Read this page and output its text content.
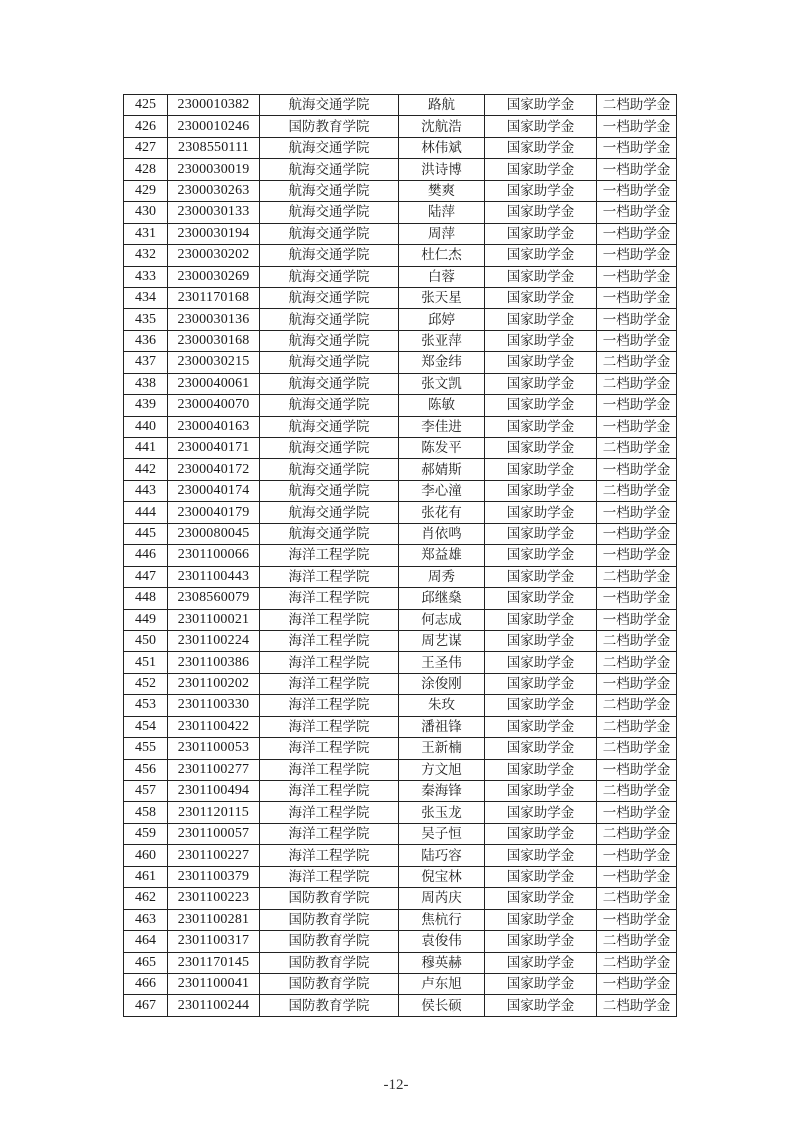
425	2300010382	航海交通学院	路航	国家助学金	二档助学金
426	2300010246	国防教育学院	沈航浩	国家助学金	一档助学金
427	2308550111	航海交通学院	林伟斌	国家助学金	一档助学金
428	2300030019	航海交通学院	洪诗博	国家助学金	一档助学金
429	2300030263	航海交通学院	樊爽	国家助学金	一档助学金
430	2300030133	航海交通学院	陆萍	国家助学金	一档助学金
431	2300030194	航海交通学院	周萍	国家助学金	一档助学金
432	2300030202	航海交通学院	杜仁杰	国家助学金	一档助学金
433	2300030269	航海交通学院	白蓉	国家助学金	一档助学金
434	2301170168	航海交通学院	张天星	国家助学金	一档助学金
435	2300030136	航海交通学院	邱婷	国家助学金	一档助学金
436	2300030168	航海交通学院	张亚萍	国家助学金	一档助学金
437	2300030215	航海交通学院	郑金纬	国家助学金	二档助学金
438	2300040061	航海交通学院	张文凯	国家助学金	二档助学金
439	2300040070	航海交通学院	陈敏	国家助学金	一档助学金
440	2300040163	航海交通学院	李佳进	国家助学金	一档助学金
441	2300040171	航海交通学院	陈发平	国家助学金	二档助学金
442	2300040172	航海交通学院	郝婧斯	国家助学金	一档助学金
443	2300040174	航海交通学院	李心潼	国家助学金	二档助学金
444	2300040179	航海交通学院	张花有	国家助学金	一档助学金
445	2300080045	航海交通学院	肖依鸣	国家助学金	一档助学金
446	2301100066	海洋工程学院	郑益雄	国家助学金	一档助学金
447	2301100443	海洋工程学院	周秀	国家助学金	二档助学金
448	2308560079	海洋工程学院	邱继燊	国家助学金	一档助学金
449	2301100021	海洋工程学院	何志成	国家助学金	一档助学金
450	2301100224	海洋工程学院	周艺谋	国家助学金	二档助学金
451	2301100386	海洋工程学院	王圣伟	国家助学金	二档助学金
452	2301100202	海洋工程学院	涂俊刚	国家助学金	一档助学金
453	2301100330	海洋工程学院	朱玫	国家助学金	二档助学金
454	2301100422	海洋工程学院	潘祖锋	国家助学金	二档助学金
455	2301100053	海洋工程学院	王新楠	国家助学金	二档助学金
456	2301100277	海洋工程学院	方文旭	国家助学金	一档助学金
457	2301100494	海洋工程学院	秦海锋	国家助学金	二档助学金
458	2301120115	海洋工程学院	张玉龙	国家助学金	一档助学金
459	2301100057	海洋工程学院	吴子恒	国家助学金	二档助学金
460	2301100227	海洋工程学院	陆巧容	国家助学金	一档助学金
461	2301100379	海洋工程学院	倪宝林	国家助学金	一档助学金
462	2301100223	国防教育学院	周芮庆	国家助学金	二档助学金
463	2301100281	国防教育学院	焦杭行	国家助学金	一档助学金
464	2301100317	国防教育学院	袁俊伟	国家助学金	二档助学金
465	2301170145	国防教育学院	穆英赫	国家助学金	二档助学金
466	2301100041	国防教育学院	卢东旭	国家助学金	一档助学金
467	2301100244	国防教育学院	侯长硕	国家助学金	二档助学金
-12-
